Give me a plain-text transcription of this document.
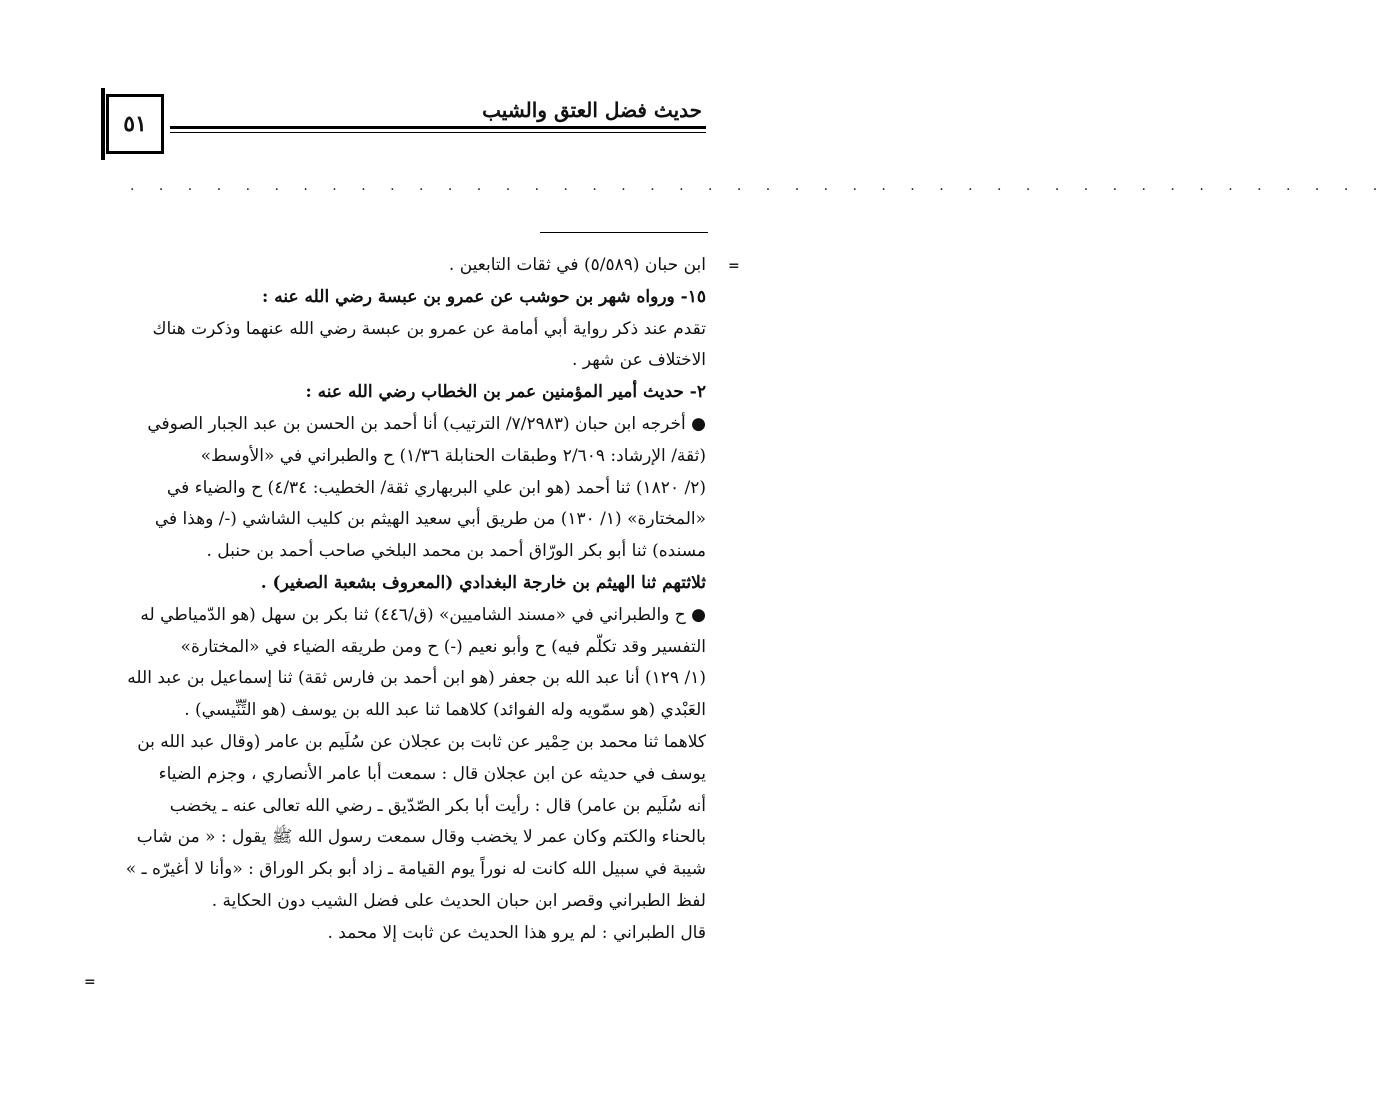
٥١
حديث فضل العتق والشيب
. . . . . . . . . . . . . . . . . . . . . . . . . . . . . . . . . . . . . . . . . . . .
=
=
ابن حبان (٥/٥٨٩) في ثقات التابعين .
١٥- ورواه شهر بن حوشب عن عمرو بن عبسة رضي الله عنه :
تقدم عند ذكر رواية أبي أمامة عن عمرو بن عبسة رضي الله عنهما وذكرت هناك
الاختلاف عن شهر .
٢- حديث أمير المؤمنين عمر بن الخطاب رضي الله عنه :
● أخرجه ابن حبان (٧/٢٩٨٣/ الترتيب) أنا أحمد بن الحسن بن عبد الجبار الصوفي
(ثقة/ الإرشاد: ٢/٦٠٩ وطبقات الحنابلة ١/٣٦) ح والطبراني في «الأوسط»
(٢/ ١٨٢٠) ثنا أحمد (هو ابن علي البربهاري ثقة/ الخطيب: ٤/٣٤) ح والضياء في
«المختارة» (١/ ١٣٠) من طريق أبي سعيد الهيثم بن كليب الشاشي (-/ وهذا في
مسنده) ثنا أبو بكر الورّاق أحمد بن محمد البلخي صاحب أحمد بن حنبل .
ثلاثتهم ثنا الهيثم بن خارجة البغدادي (المعروف بشعبة الصغير) .
● ح والطبراني في «مسند الشاميين» (ق/٤٤٦) ثنا بكر بن سهل (هو الدّمياطي له
التفسير وقد تكلّم فيه) ح وأبو نعيم (-) ح ومن طريقه الضياء في «المختارة»
(١/ ١٢٩) أنا عبد الله بن جعفر (هو ابن أحمد بن فارس ثقة) ثنا إسماعيل بن عبد الله
العَبْدي (هو سمّويه وله الفوائد) كلاهما ثنا عبد الله بن يوسف (هو التِّنِّيسي) .
كلاهما ثنا محمد بن حِمْير عن ثابت بن عجلان عن سُلَيم بن عامر (وقال عبد الله بن
يوسف في حديثه عن ابن عجلان قال : سمعت أبا عامر الأنصاري ، وجزم الضياء
أنه سُلَيم بن عامر) قال : رأيت أبا بكر الصّدّيق ـ رضي الله تعالى عنه ـ يخضب
بالحناء والكتم وكان عمر لا يخضب وقال سمعت رسول الله ﷺ يقول : « من شاب
شيبة في سبيل الله كانت له نوراً يوم القيامة ـ زاد أبو بكر الوراق : «وأنا لا أغيرّه ـ »
لفظ الطبراني وقصر ابن حبان الحديث على فضل الشيب دون الحكاية .
قال الطبراني : لم يرو هذا الحديث عن ثابت إلا محمد .
